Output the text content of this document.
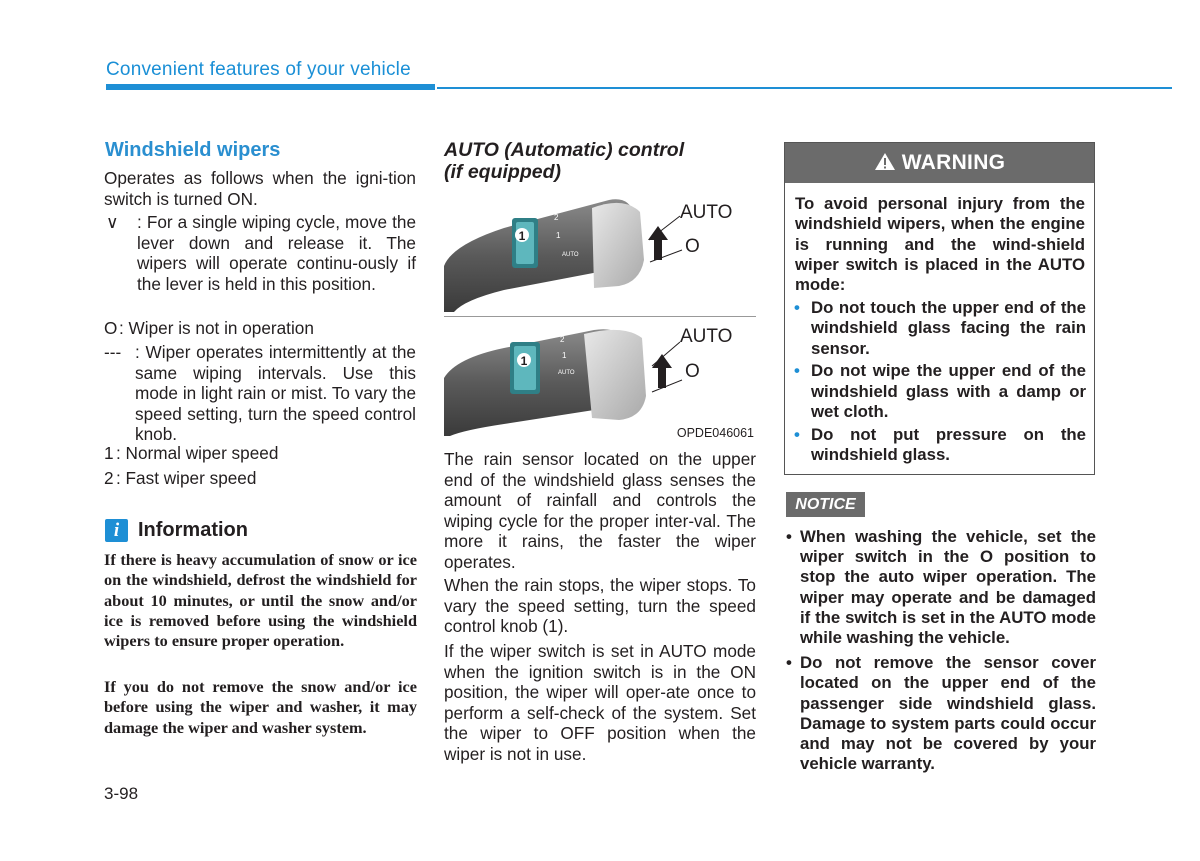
Convenient features of your vehicle
Windshield wipers
Operates as follows when the igni-tion switch is turned ON.
∨ : For a single wiping cycle, move the lever down and release it. The wipers will operate continu-ously if the lever is held in this position.
O : Wiper is not in operation
--- : Wiper operates intermittently at the same wiping intervals. Use this mode in light rain or mist. To vary the speed setting, turn the speed control knob.
1 : Normal wiper speed
2 : Fast wiper speed
i Information
If there is heavy accumulation of snow or ice on the windshield, defrost the windshield for about 10 minutes, or until the snow and/or ice is removed before using the windshield wipers to ensure proper operation.
If you do not remove the snow and/or ice before using the wiper and washer, it may damage the wiper and washer system.
3-98
AUTO (Automatic) control
(if equipped)
1
2
1
AUTO
AUTO
O
1
2
1
AUTO
AUTO
O
OPDE046061
The rain sensor located on the upper end of the windshield glass senses the amount of rainfall and controls the wiping cycle for the proper inter-val. The more it rains, the faster the wiper operates.
When the rain stops, the wiper stops. To vary the speed setting, turn the speed control knob (1).
If the wiper switch is set in AUTO mode when the ignition switch is in the ON position, the wiper will oper-ate once to perform a self-check of the system. Set the wiper to OFF position when the wiper is not in use.
WARNING
To avoid personal injury from the windshield wipers, when the engine is running and the wind-shield wiper switch is placed in the AUTO mode:
• Do not touch the upper end of the windshield glass facing the rain sensor.
• Do not wipe the upper end of the windshield glass with a damp or wet cloth.
• Do not put pressure on the windshield glass.
NOTICE
• When washing the vehicle, set the wiper switch in the O position to stop the auto wiper operation. The wiper may operate and be damaged if the switch is set in the AUTO mode while washing the vehicle.
• Do not remove the sensor cover located on the upper end of the passenger side windshield glass. Damage to system parts could occur and may not be covered by your vehicle warranty.
